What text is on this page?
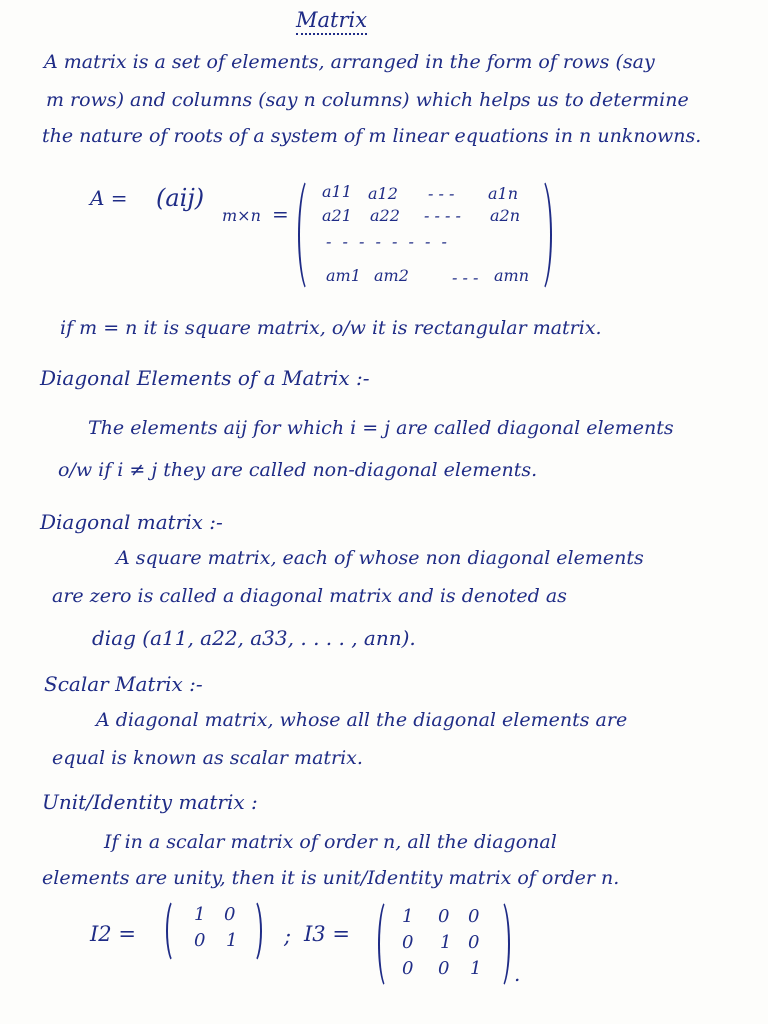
Matrix
A matrix is a set of elements, arranged in the form of rows (say
m rows) and columns (say n columns) which helps us to determine
the nature of roots of a system of m linear equations in n unknowns.
A = (aij)
m×n =
a11 a12 - - - a1n
a21 a22 - - - - a2n
- - - - - - - -
am1 am2	- - - amn
if m = n it is square matrix, o/w it is rectangular matrix.
Diagonal Elements of a Matrix :-
The elements aij for which i = j are called diagonal elements
o/w if i ≠ j they are called non-diagonal elements.
Diagonal matrix :-
A square matrix, each of whose non diagonal elements
are zero is called a diagonal matrix and is denoted as
diag (a11, a22, a33, . . . . , ann).
Scalar Matrix :-
A diagonal matrix, whose all the diagonal elements are
equal is known as scalar matrix.
Unit/Identity matrix :
If in a scalar matrix of order n, all the diagonal
elements are unity, then it is unit/Identity matrix of order n.
I2 =
1 0
0 1 ; I3 =
1 0 0
0 1 0
0 0 1 .
